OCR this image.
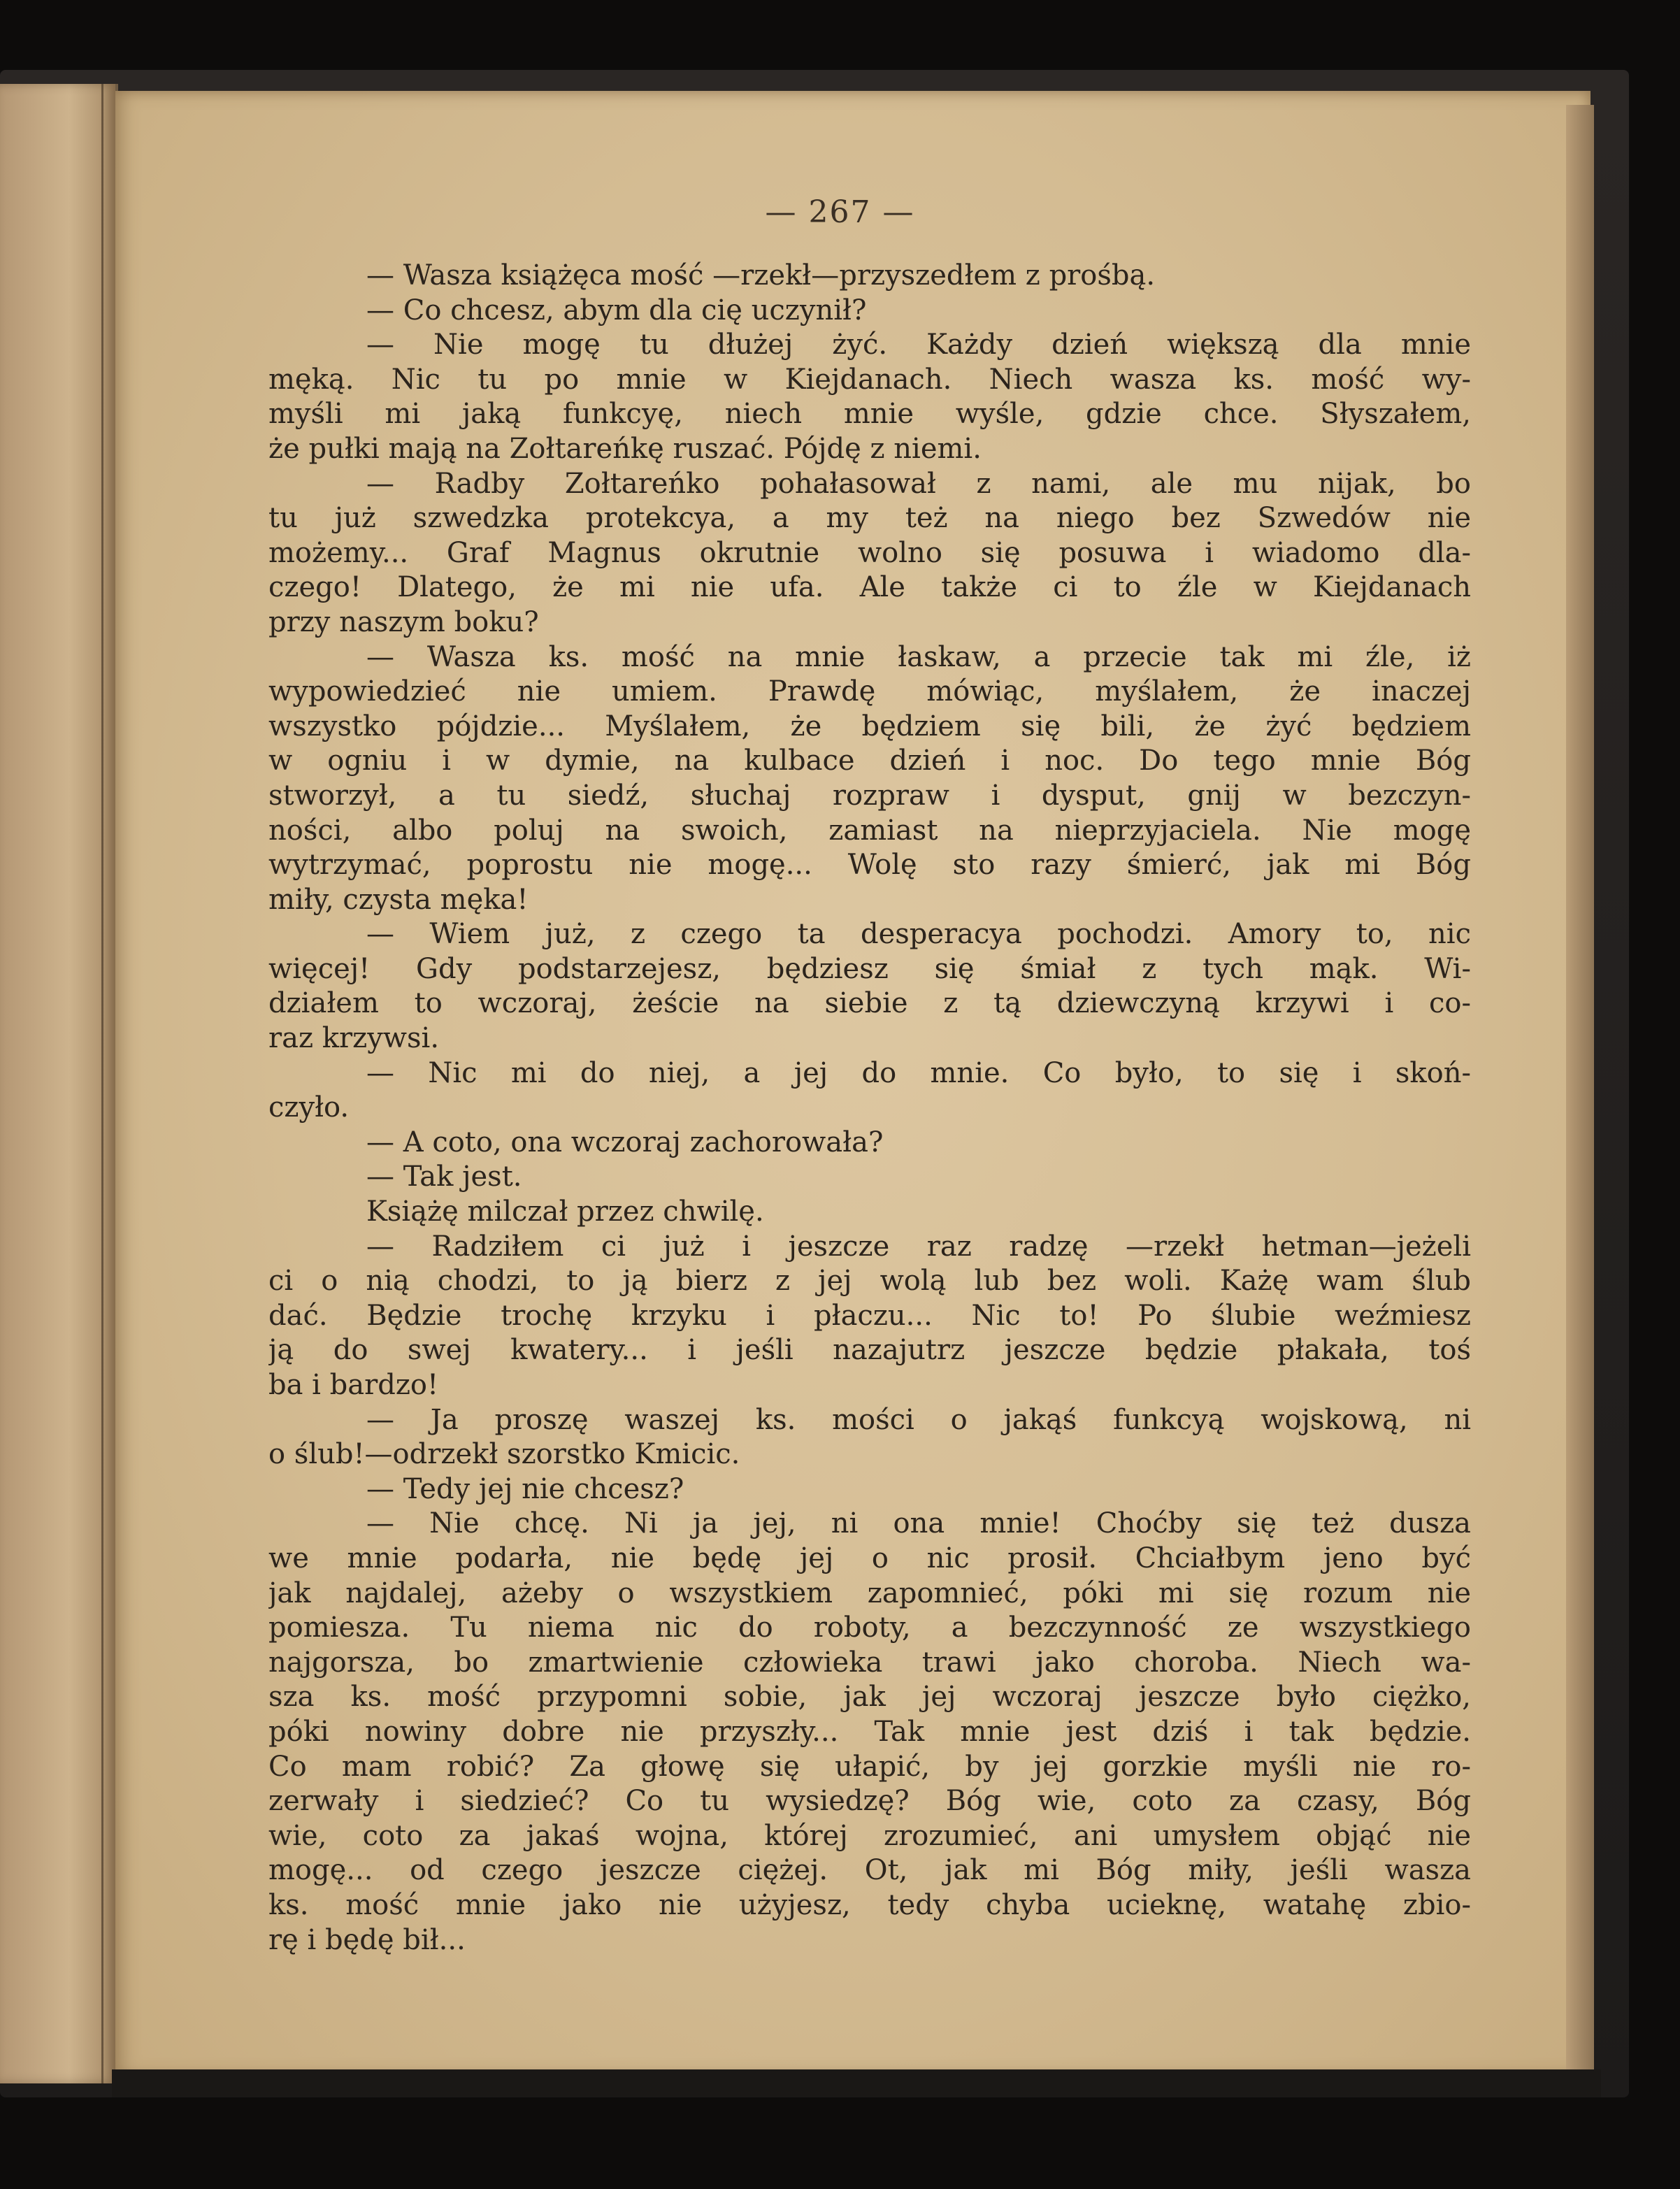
— 267 —
— Wasza książęca mość —rzekł—przyszedłem z prośbą.
— Co chcesz, abym dla cię uczynił?
— Nie mogę tu dłużej żyć. Każdy dzień większą dla mnie
męką. Nic tu po mnie w Kiejdanach. Niech wasza ks. mość wy-
myśli mi jaką funkcyę, niech mnie wyśle, gdzie chce. Słyszałem,
że pułki mają na Zołtareńkę ruszać. Pójdę z niemi.
— Radby Zołtareńko pohałasował z nami, ale mu nijak, bo
tu już szwedzka protekcya, a my też na niego bez Szwedów nie
możemy... Graf Magnus okrutnie wolno się posuwa i wiadomo dla-
czego! Dlatego, że mi nie ufa. Ale także ci to źle w Kiejdanach
przy naszym boku?
— Wasza ks. mość na mnie łaskaw, a przecie tak mi źle, iż
wypowiedzieć nie umiem. Prawdę mówiąc, myślałem, że inaczej
wszystko pójdzie... Myślałem, że będziem się bili, że żyć będziem
w ogniu i w dymie, na kulbace dzień i noc. Do tego mnie Bóg
stworzył, a tu siedź, słuchaj rozpraw i dysput, gnij w bezczyn-
ności, albo poluj na swoich, zamiast na nieprzyjaciela. Nie mogę
wytrzymać, poprostu nie mogę... Wolę sto razy śmierć, jak mi Bóg
miły, czysta męka!
— Wiem już, z czego ta desperacya pochodzi. Amory to, nic
więcej! Gdy podstarzejesz, będziesz się śmiał z tych mąk. Wi-
działem to wczoraj, żeście na siebie z tą dziewczyną krzywi i co-
raz krzywsi.
— Nic mi do niej, a jej do mnie. Co było, to się i skoń-
czyło.
— A coto, ona wczoraj zachorowała?
— Tak jest.
Książę milczał przez chwilę.
— Radziłem ci już i jeszcze raz radzę —rzekł hetman—jeżeli
ci o nią chodzi, to ją bierz z jej wolą lub bez woli. Każę wam ślub
dać. Będzie trochę krzyku i płaczu... Nic to! Po ślubie weźmiesz
ją do swej kwatery... i jeśli nazajutrz jeszcze będzie płakała, toś
ba i bardzo!
— Ja proszę waszej ks. mości o jakąś funkcyą wojskową, ni
o ślub!—odrzekł szorstko Kmicic.
— Tedy jej nie chcesz?
— Nie chcę. Ni ja jej, ni ona mnie! Choćby się też dusza
we mnie podarła, nie będę jej o nic prosił. Chciałbym jeno być
jak najdalej, ażeby o wszystkiem zapomnieć, póki mi się rozum nie
pomiesza. Tu niema nic do roboty, a bezczynność ze wszystkiego
najgorsza, bo zmartwienie człowieka trawi jako choroba. Niech wa-
sza ks. mość przypomni sobie, jak jej wczoraj jeszcze było ciężko,
póki nowiny dobre nie przyszły... Tak mnie jest dziś i tak będzie.
Co mam robić? Za głowę się ułapić, by jej gorzkie myśli nie ro-
zerwały i siedzieć? Co tu wysiedzę? Bóg wie, coto za czasy, Bóg
wie, coto za jakaś wojna, której zrozumieć, ani umysłem objąć nie
mogę... od czego jeszcze ciężej. Ot, jak mi Bóg miły, jeśli wasza
ks. mość mnie jako nie użyjesz, tedy chyba ucieknę, watahę zbio-
rę i będę bił...
